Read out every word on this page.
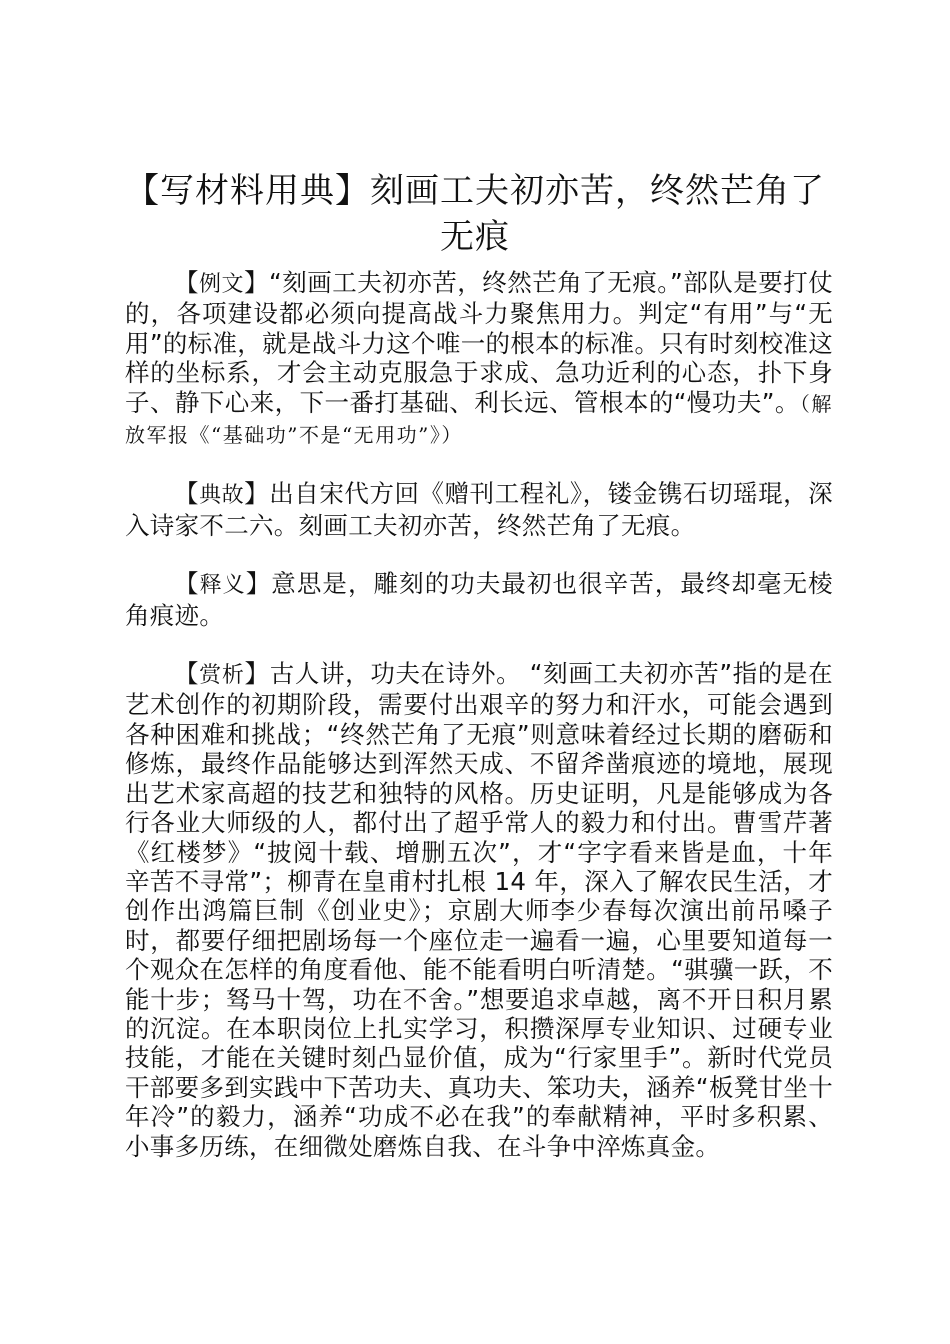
【写材料用典】刻画工夫初亦苦，终然芒角了无痕

【例文】“刻画工夫初亦苦，终然芒角了无痕。”部队是要打仗的，各项建设都必须向提高战斗力聚焦用力。判定“有用”与“无用”的标准，就是战斗力这个唯一的根本的标准。只有时刻校准这样的坐标系，才会主动克服急于求成、急功近利的心态，扑下身子、静下心来，下一番打基础、利长远、管根本的“慢功夫”。（解放军报《“基础功”不是“无用功”》）

【典故】出自宋代方回《赠刊工程礼》，镂金镌石切瑶琨，深入诗家不二六。刻画工夫初亦苦，终然芒角了无痕。

【释义】意思是，雕刻的功夫最初也很辛苦，最终却毫无棱角痕迹。

【赏析】古人讲，功夫在诗外。 “刻画工夫初亦苦”指的是在艺术创作的初期阶段，需要付出艰辛的努力和汗水，可能会遇到各种困难和挑战；“终然芒角了无痕”则意味着经过长期的磨砺和修炼，最终作品能够达到浑然天成、不留斧凿痕迹的境地，展现出艺术家高超的技艺和独特的风格。历史证明，凡是能够成为各行各业大师级的人，都付出了超乎常人的毅力和付出。曹雪芹著《红楼梦》“披阅十载、增删五次”，才“字字看来皆是血，十年辛苦不寻常”；柳青在皇甫村扎根 14 年，深入了解农民生活，才创作出鸿篇巨制《创业史》；京剧大师李少春每次演出前吊嗓子时，都要仔细把剧场每一个座位走一遍看一遍，心里要知道每一个观众在怎样的角度看他、能不能看明白听清楚。“骐骥一跃，不能十步；驽马十驾，功在不舍。”想要追求卓越，离不开日积月累的沉淀。在本职岗位上扎实学习，积攒深厚专业知识、过硬专业技能，才能在关键时刻凸显价值，成为“行家里手”。新时代党员干部要多到实践中下苦功夫、真功夫、笨功夫，涵养“板凳甘坐十年冷”的毅力，涵养“功成不必在我”的奉献精神，平时多积累、小事多历练，在细微处磨炼自我、在斗争中淬炼真金。
